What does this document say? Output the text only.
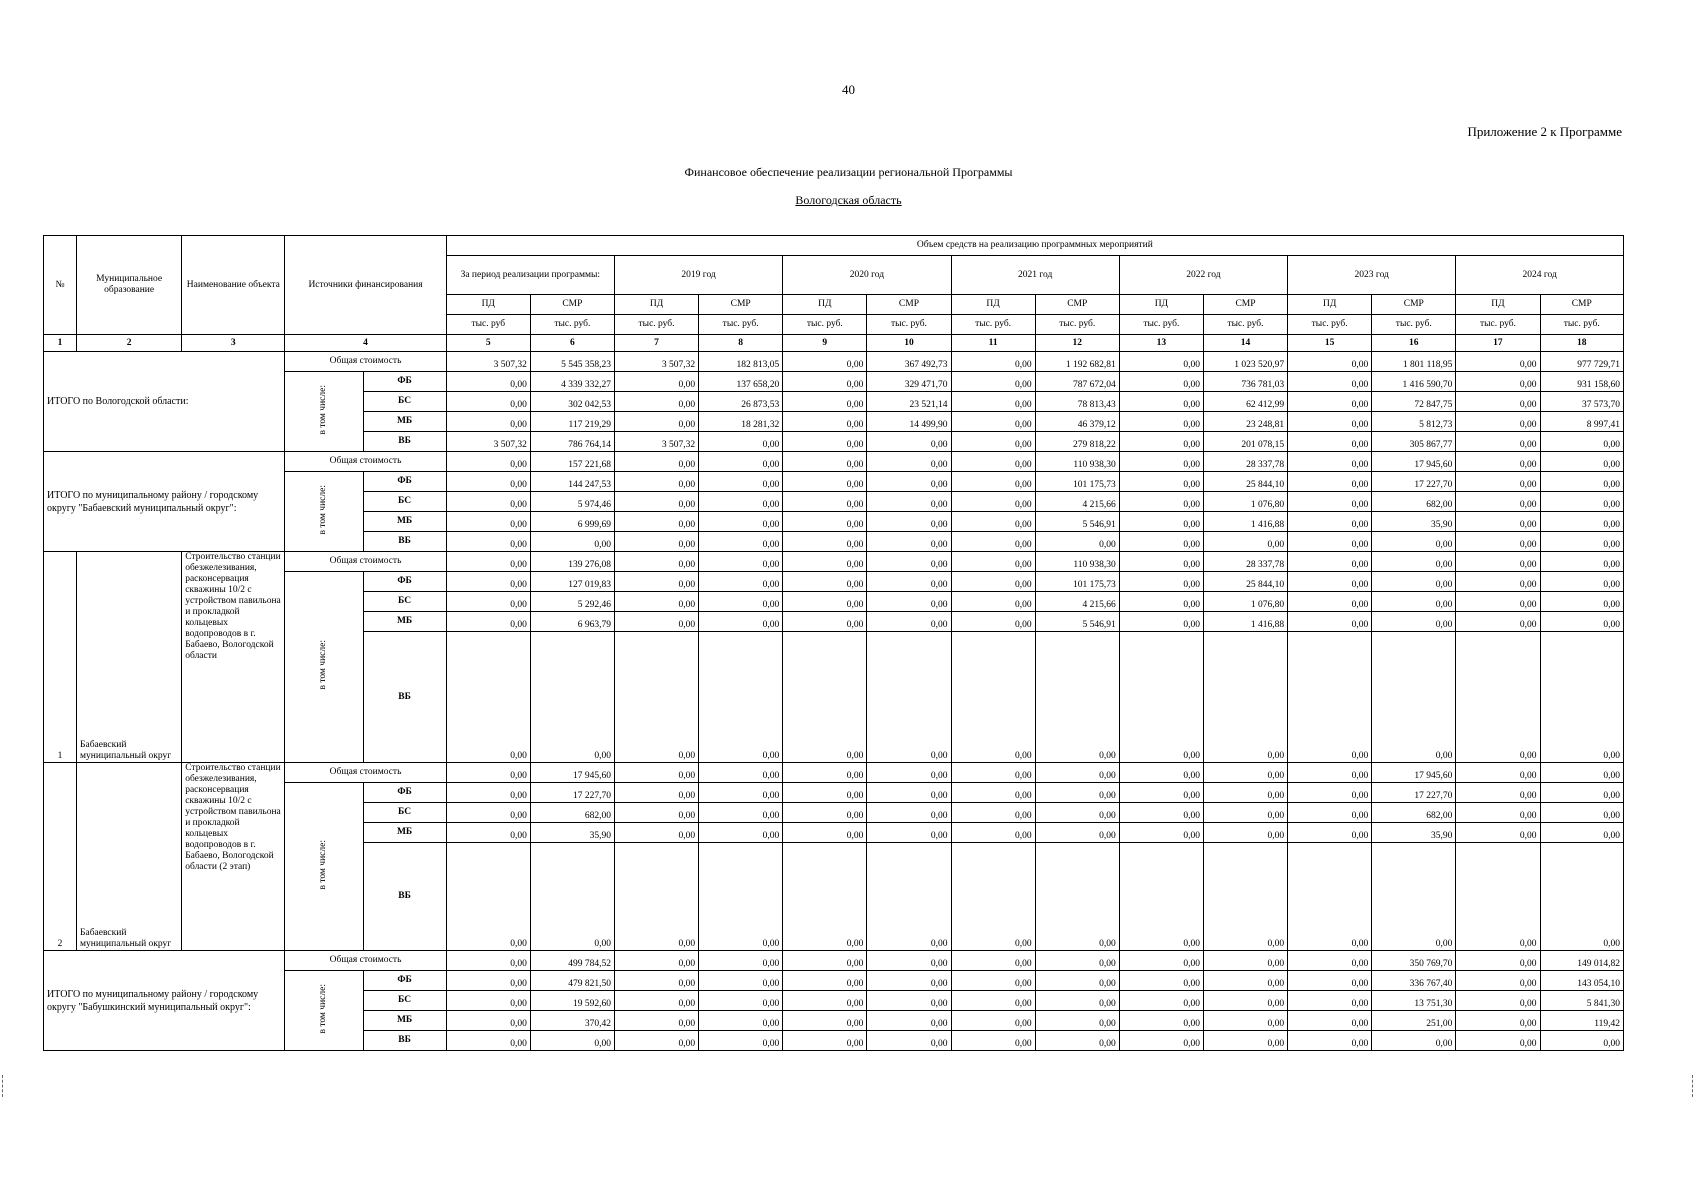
40
Приложение 2 к Программе
Финансовое обеспечение реализации региональной Программы
Вологодская область
№	Муниципальное образование	Наименование объекта	Источники финансирования		Объем средств на реализацию программных мероприятий													
					За период реализации программы:		2019 год		2020 год		2021 год		2022 год		2023 год		2024 год	
					ПД	СМР	ПД	СМР	ПД	СМР	ПД	СМР	ПД	СМР	ПД	СМР	ПД	СМР
					тыс. руб	тыс. руб.	тыс. руб.	тыс. руб.	тыс. руб.	тыс. руб.	тыс. руб.	тыс. руб.	тыс. руб.	тыс. руб.	тыс. руб.	тыс. руб.	тыс. руб.	тыс. руб.
1	2	3	4		5	6	7	8	9	10	11	12	13	14	15	16	17	18
ИТОГО по Вологодской области:			Общая стоимость		3 507,32	5 545 358,23	3 507,32	182 813,05	0,00	367 492,73	0,00	1 192 682,81	0,00	1 023 520,97	0,00	1 801 118,95	0,00	977 729,71
			в том числе:	ФБ	0,00	4 339 332,27	0,00	137 658,20	0,00	329 471,70	0,00	787 672,04	0,00	736 781,03	0,00	1 416 590,70	0,00	931 158,60
				БС	0,00	302 042,53	0,00	26 873,53	0,00	23 521,14	0,00	78 813,43	0,00	62 412,99	0,00	72 847,75	0,00	37 573,70
				МБ	0,00	117 219,29	0,00	18 281,32	0,00	14 499,90	0,00	46 379,12	0,00	23 248,81	0,00	5 812,73	0,00	8 997,41
				ВБ	3 507,32	786 764,14	3 507,32	0,00	0,00	0,00	0,00	279 818,22	0,00	201 078,15	0,00	305 867,77	0,00	0,00
ИТОГО по муниципальному району / городскому округу "Бабаевский муниципальный округ":			Общая стоимость		0,00	157 221,68	0,00	0,00	0,00	0,00	0,00	110 938,30	0,00	28 337,78	0,00	17 945,60	0,00	0,00
			в том числе:	ФБ	0,00	144 247,53	0,00	0,00	0,00	0,00	0,00	101 175,73	0,00	25 844,10	0,00	17 227,70	0,00	0,00
				БС	0,00	5 974,46	0,00	0,00	0,00	0,00	0,00	4 215,66	0,00	1 076,80	0,00	682,00	0,00	0,00
				МБ	0,00	6 999,69	0,00	0,00	0,00	0,00	0,00	5 546,91	0,00	1 416,88	0,00	35,90	0,00	0,00
				ВБ	0,00	0,00	0,00	0,00	0,00	0,00	0,00	0,00	0,00	0,00	0,00	0,00	0,00	0,00
1	Бабаевский муниципальный округ	Строительство станции обезжелезивания, расконсервация скважины 10/2 с устройством павильона и прокладкой кольцевых водопроводов в г. Бабаево, Вологодской области	Общая стоимость		0,00	139 276,08	0,00	0,00	0,00	0,00	0,00	110 938,30	0,00	28 337,78	0,00	0,00	0,00	0,00
			в том числе:	ФБ	0,00	127 019,83	0,00	0,00	0,00	0,00	0,00	101 175,73	0,00	25 844,10	0,00	0,00	0,00	0,00
				БС	0,00	5 292,46	0,00	0,00	0,00	0,00	0,00	4 215,66	0,00	1 076,80	0,00	0,00	0,00	0,00
				МБ	0,00	6 963,79	0,00	0,00	0,00	0,00	0,00	5 546,91	0,00	1 416,88	0,00	0,00	0,00	0,00
				ВБ	0,00	0,00	0,00	0,00	0,00	0,00	0,00	0,00	0,00	0,00	0,00	0,00	0,00	0,00
2	Бабаевский муниципальный округ	Строительство станции обезжелезивания, расконсервация скважины 10/2 с устройством павильона и прокладкой кольцевых водопроводов в г. Бабаево, Вологодской области (2 этап)	Общая стоимость		0,00	17 945,60	0,00	0,00	0,00	0,00	0,00	0,00	0,00	0,00	0,00	17 945,60	0,00	0,00
			в том числе:	ФБ	0,00	17 227,70	0,00	0,00	0,00	0,00	0,00	0,00	0,00	0,00	0,00	17 227,70	0,00	0,00
				БС	0,00	682,00	0,00	0,00	0,00	0,00	0,00	0,00	0,00	0,00	0,00	682,00	0,00	0,00
				МБ	0,00	35,90	0,00	0,00	0,00	0,00	0,00	0,00	0,00	0,00	0,00	35,90	0,00	0,00
				ВБ	0,00	0,00	0,00	0,00	0,00	0,00	0,00	0,00	0,00	0,00	0,00	0,00	0,00	0,00
ИТОГО по муниципальному району / городскому округу "Бабушкинский муниципальный округ":			Общая стоимость		0,00	499 784,52	0,00	0,00	0,00	0,00	0,00	0,00	0,00	0,00	0,00	350 769,70	0,00	149 014,82
			в том числе:	ФБ	0,00	479 821,50	0,00	0,00	0,00	0,00	0,00	0,00	0,00	0,00	0,00	336 767,40	0,00	143 054,10
				БС	0,00	19 592,60	0,00	0,00	0,00	0,00	0,00	0,00	0,00	0,00	0,00	13 751,30	0,00	5 841,30
				МБ	0,00	370,42	0,00	0,00	0,00	0,00	0,00	0,00	0,00	0,00	0,00	251,00	0,00	119,42
				ВБ	0,00	0,00	0,00	0,00	0,00	0,00	0,00	0,00	0,00	0,00	0,00	0,00	0,00	0,00
